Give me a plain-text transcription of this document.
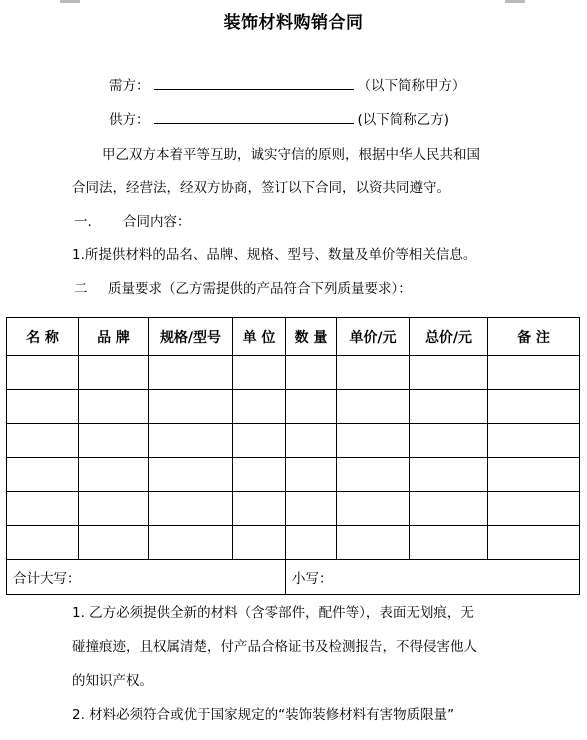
装饰材料购销合同
需方：	（以下简称甲方）
供方：	(以下简称乙方)
甲乙双方本着平等互助，诚实守信的原则，根据中华人民共和国
合同法，经营法，经双方协商，签订以下合同，以资共同遵守。
一. 合同内容：
1.所提供材料的品名、品牌、规格、型号、数量及单价等相关信息。
二 质量要求（乙方需提供的产品符合下列质量要求）：
名 称	品 牌	规格/型号	单 位	数 量	单价/元	总价/元	备 注

合计大写：				小写：			
1. 乙方必须提供全新的材料（含零部件，配件等），表面无划痕，无
碰撞痕迹，且权属清楚，付产品合格证书及检测报告，不得侵害他人
的知识产权。
2. 材料必须符合或优于国家规定的“装饰装修材料有害物质限量”
